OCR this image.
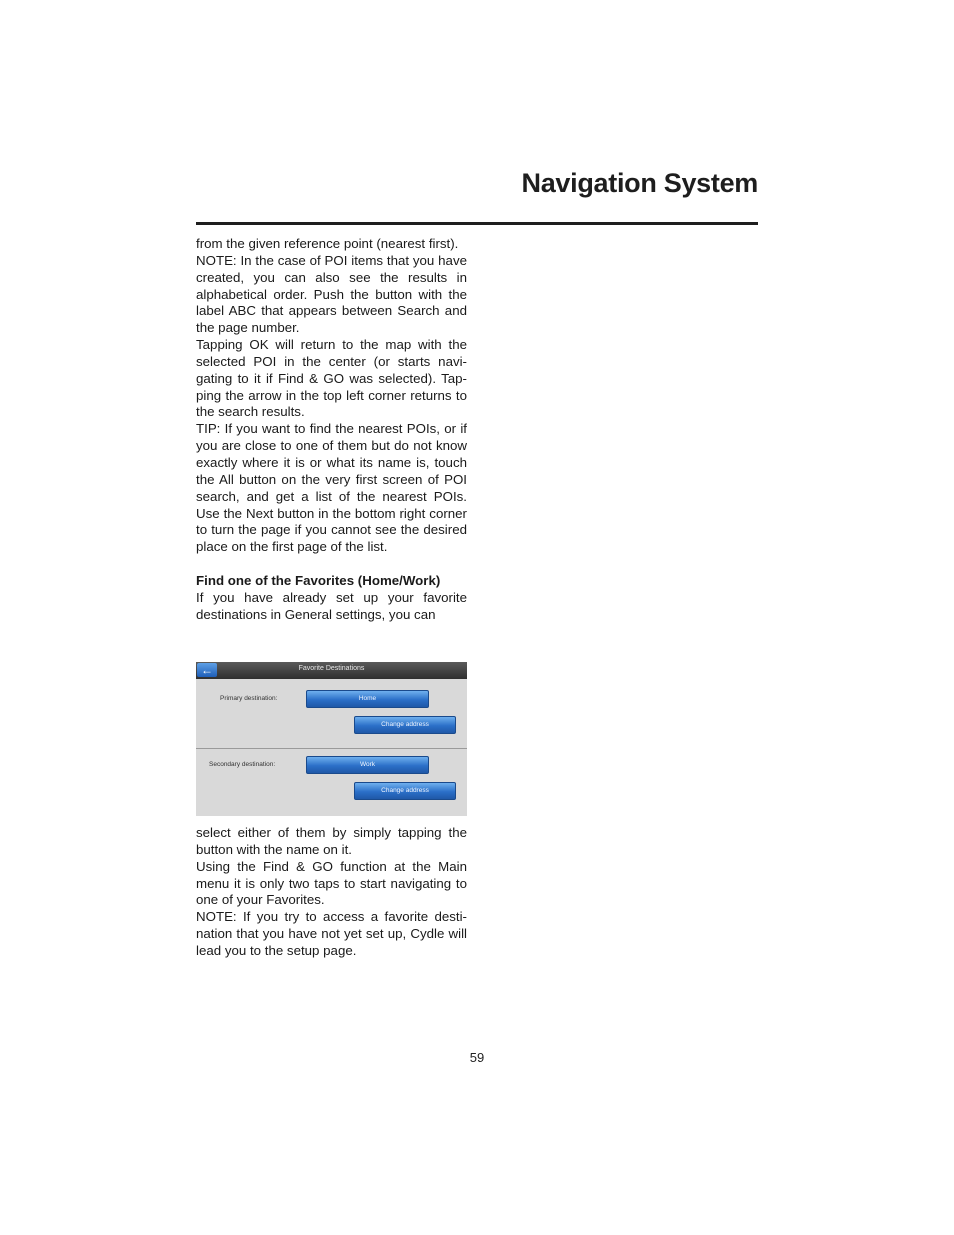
Navigation System

from the given reference point (nearest first).

NOTE: In the case of POI items that you have created, you can also see the results in alphabetical order. Push the button with the label ABC that appears between Search and the page number.

Tapping OK will return to the map with the selected POI in the center (or starts navi-gating to it if Find & GO was selected). Tap-ping the arrow in the top left corner returns to the search results.

TIP: If you want to find the nearest POIs, or if you are close to one of them but do not know exactly where it is or what its name is, touch the All button on the very first screen of POI search, and get a list of the nearest POIs. Use the Next button in the bottom right corner to turn the page if you cannot see the desired place on the first page of the list.

Find one of the Favorites (Home/Work)

If you have already set up your favorite destinations in General settings, you can

←	Favorite Destinations
Primary destination:	Home
Change address
Secondary destination:	Work
Change address

select either of them by simply tapping the button with the name on it.

Using the Find & GO function at the Main menu it is only two taps to start navigating to one of your Favorites.

NOTE: If you try to access a favorite desti-nation that you have not yet set up, Cydle will lead you to the setup page.

59
